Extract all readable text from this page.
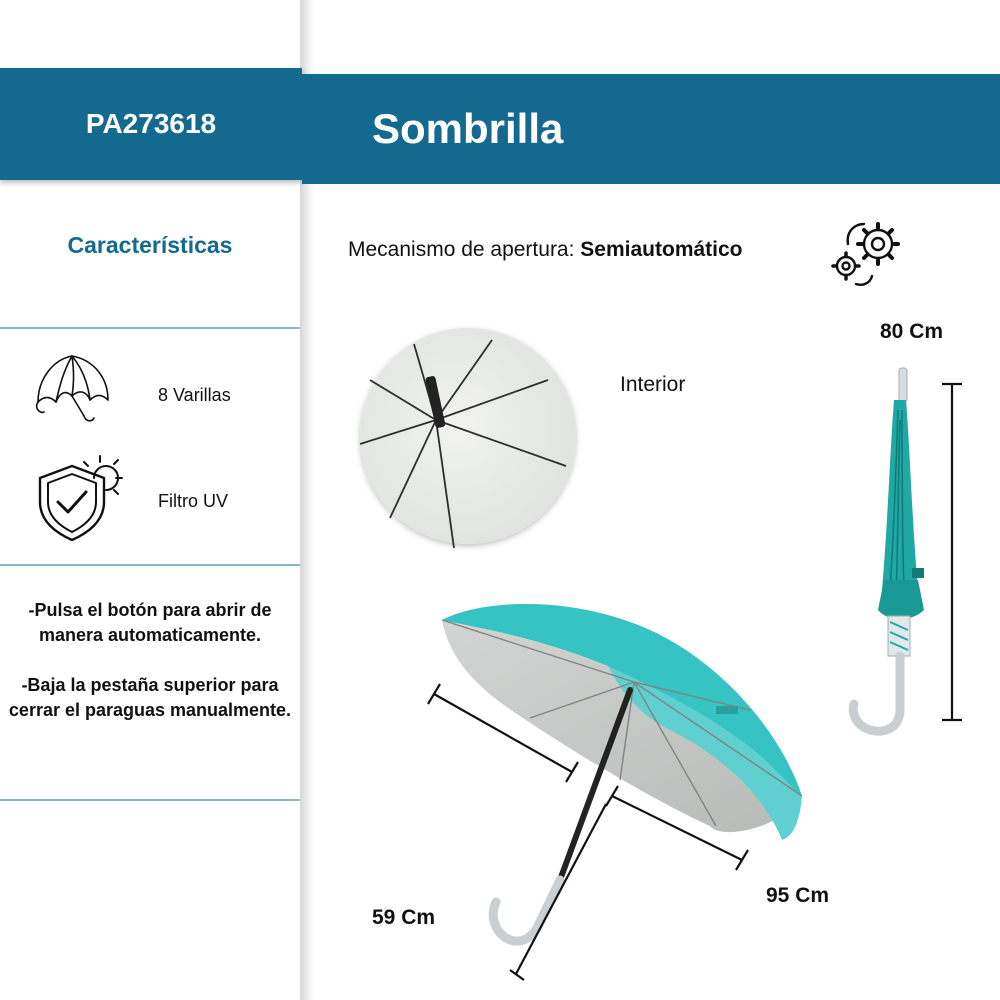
PA273618	Sombrilla
Características
8 Varillas
Filtro UV

-Pulsa el botón para abrir de manera automaticamente.

-Baja la pestaña superior para cerrar el paraguas manualmente.

Mecanismo de apertura: Semiautomático
Interior
80 Cm
95 Cm
59 Cm
